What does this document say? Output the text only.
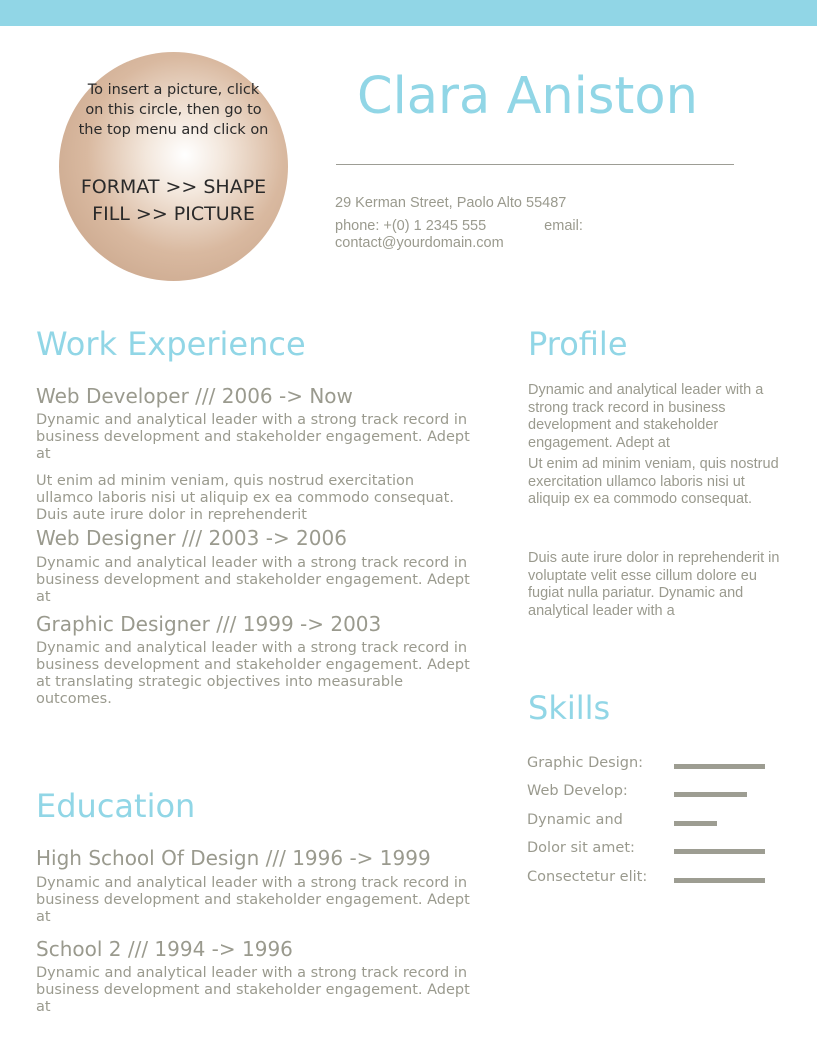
To insert a picture, click on this circle, then go to the top menu and click on
FORMAT >> SHAPE FILL >> PICTURE
Clara Aniston
29 Kerman Street, Paolo Alto 55487
phone: +(0) 1 2345 555	email: contact@yourdomain.com
Work Experience
Web Developer /// 2006 -> Now
Dynamic and analytical leader with a strong track record in business development and stakeholder engagement. Adept at
Ut enim ad minim veniam, quis nostrud exercitation ullamco laboris nisi ut aliquip ex ea commodo consequat. Duis aute irure dolor in reprehenderit
Web Designer /// 2003 -> 2006
Dynamic and analytical leader with a strong track record in business development and stakeholder engagement. Adept at
Graphic Designer /// 1999 -> 2003
Dynamic and analytical leader with a strong track record in business development and stakeholder engagement. Adept at translating strategic objectives into measurable outcomes.
Education
High School Of Design /// 1996 -> 1999
Dynamic and analytical leader with a strong track record in business development and stakeholder engagement. Adept at
School 2 /// 1994 -> 1996
Dynamic and analytical leader with a strong track record in business development and stakeholder engagement. Adept at
Profile
Dynamic and analytical leader with a strong track record in business development and stakeholder engagement. Adept at
Ut enim ad minim veniam, quis nostrud exercitation ullamco laboris nisi ut aliquip ex ea commodo consequat.
Duis aute irure dolor in reprehenderit in voluptate velit esse cillum dolore eu fugiat nulla pariatur. Dynamic and analytical leader with a
Skills
Graphic Design:
Web Develop:
Dynamic and
Dolor sit amet:
Consectetur elit:
